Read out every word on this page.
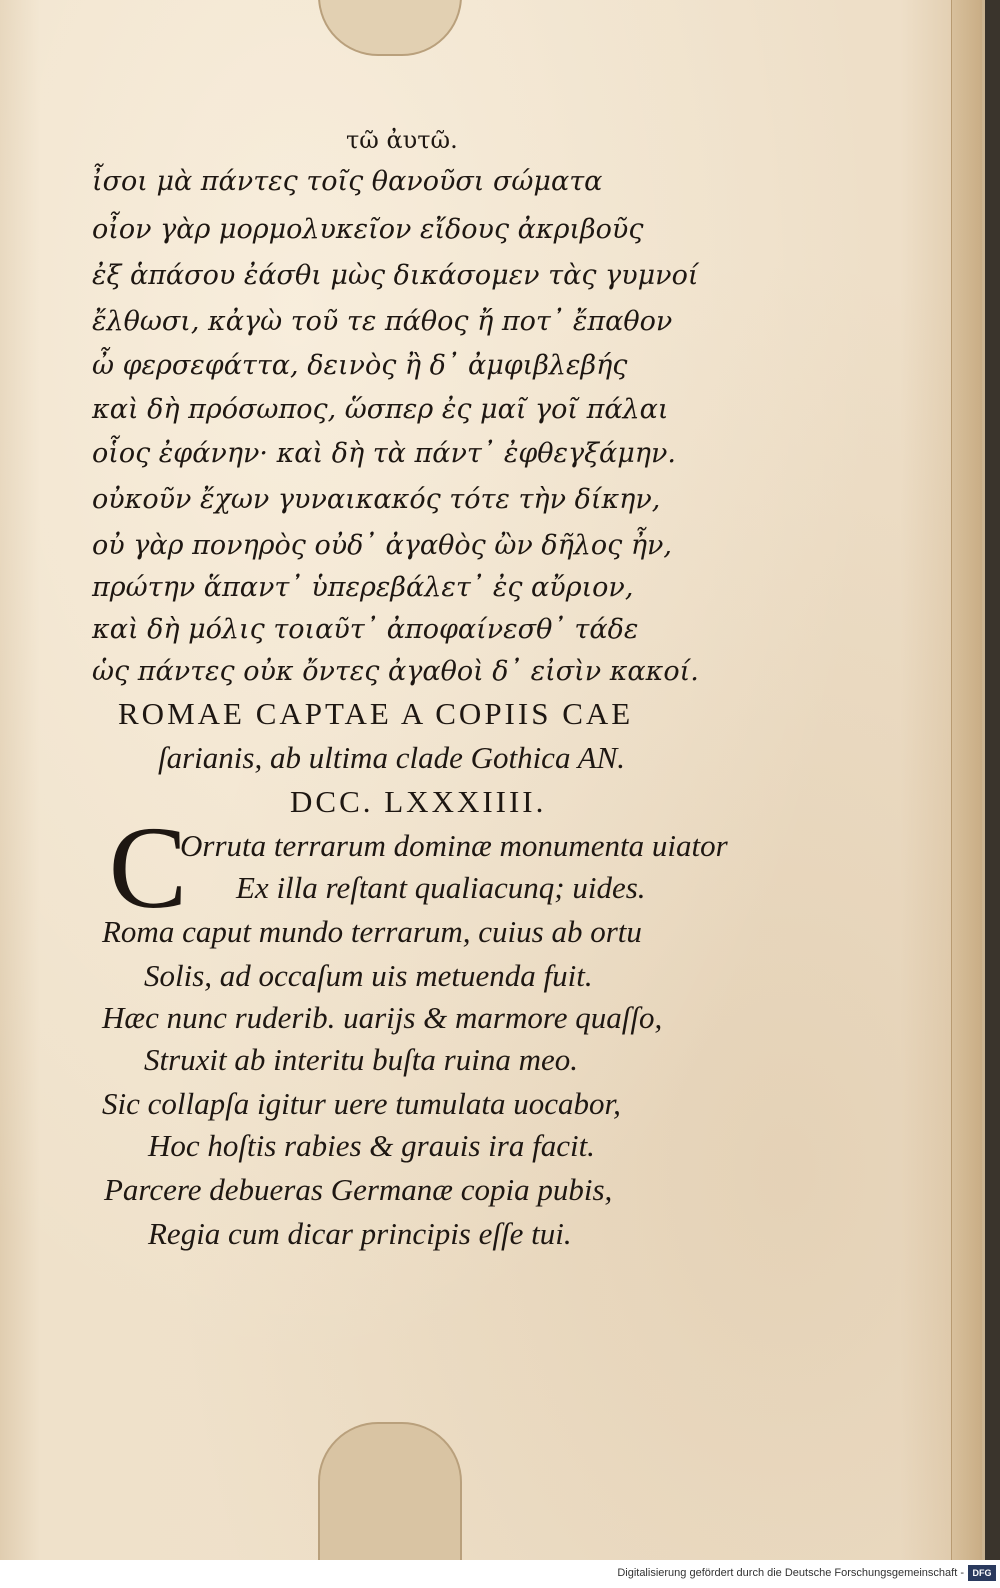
τῶ ἀυτῶ.
ἶσοι μὰ πάντες τοῖς θανοῦσι σώματα
οἶον γὰρ μορμολυκεῖον εἴδους ἀκριβοῦς
ἐξ ἁπάσου ἐάσθι μὼς δικάσομεν τὰς γυμνοί
ἔλθωσι, κἀγὼ τοῦ τε πάθος ἤ ποτ᾽ ἔπαθον
ὦ φερσεφάττα, δεινὸς ἢ δ᾽ ἀμφιβλεβής
καὶ δὴ πρόσωπος, ὥσπερ ἐς μαῖ γοῖ πάλαι
οἷος ἐφάνην· καὶ δὴ τὰ πάντ᾽ ἐφθεγξάμην.
οὐκοῦν ἔχων γυναικακός τότε τὴν δίκην,
οὐ γὰρ πονηρὸς οὐδ᾽ ἀγαθὸς ὢν δῆλος ἦν,
πρώτην ἅπαντ᾽ ὑπερεβάλετ᾽ ἐς αὔριον,
καὶ δὴ μόλις τοιαῦτ᾽ ἀποφαίνεσθ᾽ τάδε
ὡς πάντες οὐκ ὄντες ἀγαθοὶ δ᾽ εἰσὶν κακοί.
ROMAE CAPTAE A COPIIS CAE
ſarianis, ab ultima clade Gothica AN.
DCC. LXXXIIII.
C
Orruta terrarum dominæ monumenta uiator
Ex illa reſtant qualiacunq; uides.
Roma caput mundo terrarum, cuius ab ortu
Solis, ad occaſum uis metuenda fuit.
Hæc nunc ruderib. uarijs & marmore quaſſo,
Struxit ab interitu buſta ruina meo.
Sic collapſa igitur uere tumulata uocabor,
Hoc hoſtis rabies & grauis ira facit.
Parcere debueras Germanæ copia pubis,
Regia cum dicar principis eſſe tui.
Digitalisierung gefördert durch die Deutsche Forschungsgemeinschaft - DFG
